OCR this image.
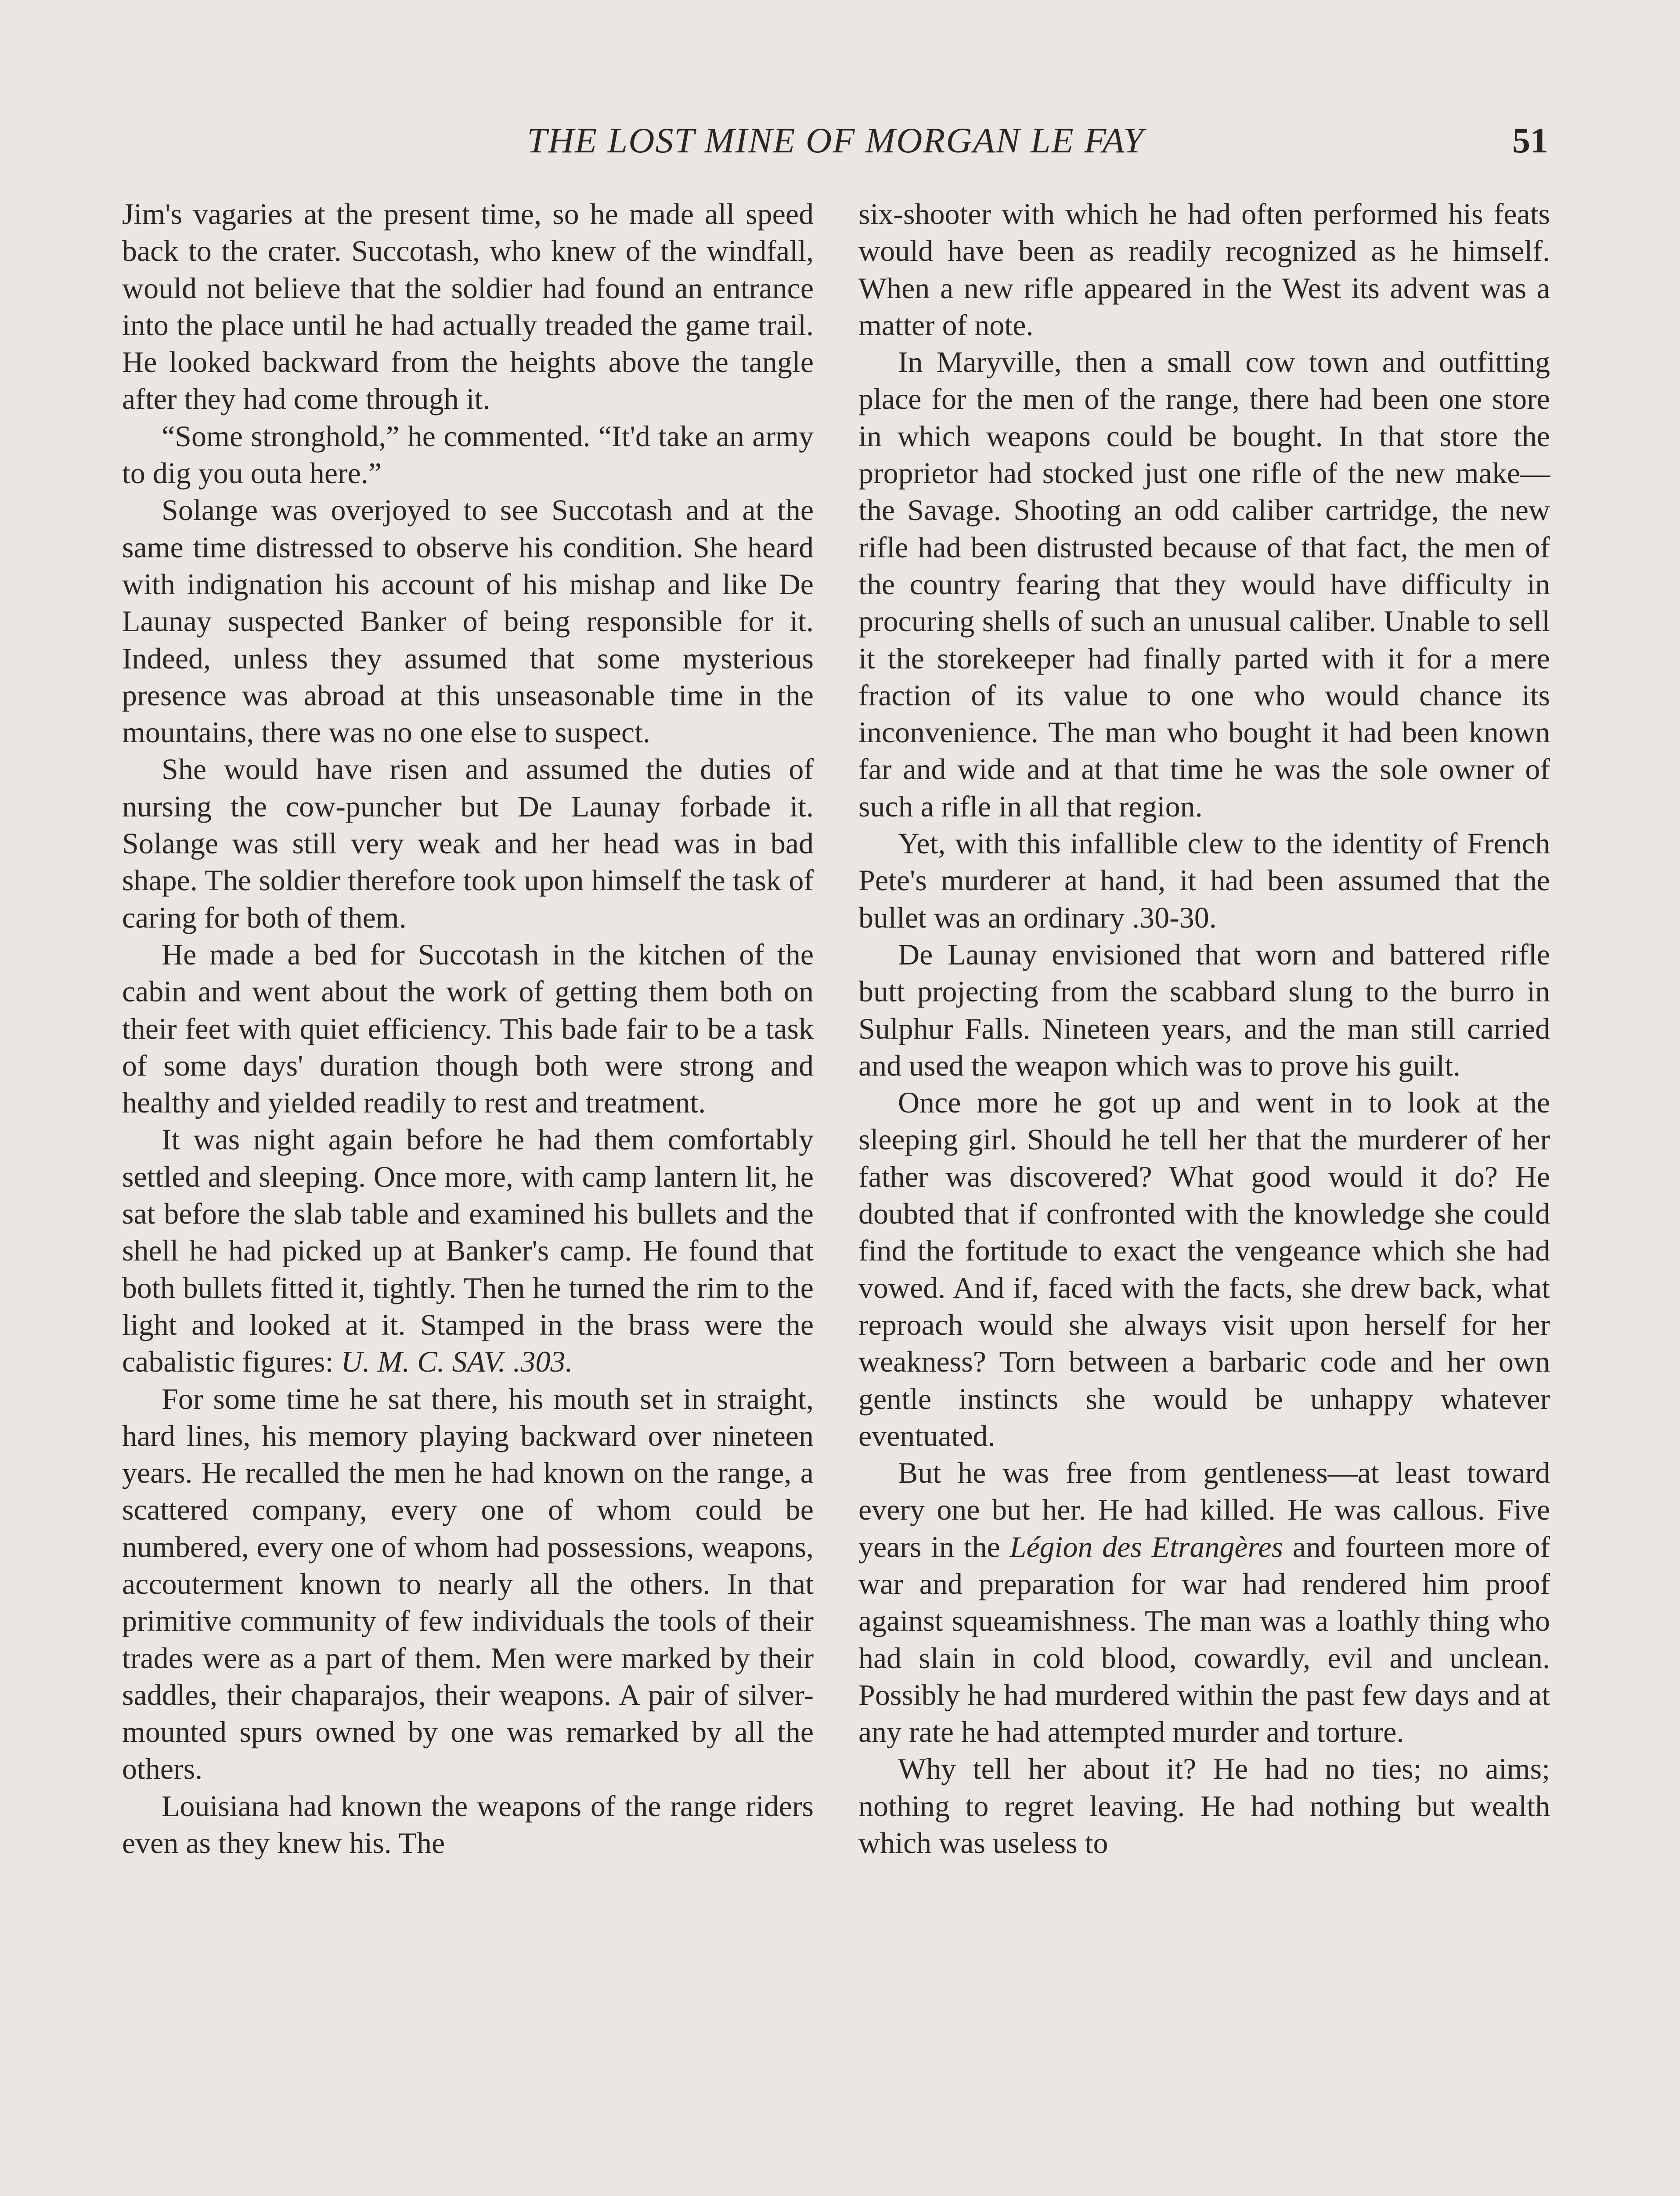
THE LOST MINE OF MORGAN LE FAY	51

Jim's vagaries at the present time, so he made all speed back to the crater. Succotash, who knew of the windfall, would not believe that the soldier had found an entrance into the place until he had actually treaded the game trail. He looked backward from the heights above the tangle after they had come through it.

“Some stronghold,” he commented. “It'd take an army to dig you outa here.”

Solange was overjoyed to see Succotash and at the same time distressed to observe his condition. She heard with indignation his account of his mishap and like De Launay suspected Banker of being responsible for it. Indeed, unless they assumed that some mysterious presence was abroad at this unseasonable time in the mountains, there was no one else to suspect.

She would have risen and assumed the duties of nursing the cow-puncher but De Launay forbade it. Solange was still very weak and her head was in bad shape. The soldier therefore took upon himself the task of caring for both of them.

He made a bed for Succotash in the kitchen of the cabin and went about the work of getting them both on their feet with quiet efficiency. This bade fair to be a task of some days' duration though both were strong and healthy and yielded readily to rest and treatment.

It was night again before he had them comfortably settled and sleeping. Once more, with camp lantern lit, he sat before the slab table and examined his bullets and the shell he had picked up at Banker's camp. He found that both bullets fitted it, tightly. Then he turned the rim to the light and looked at it. Stamped in the brass were the cabalistic figures: U. M. C. SAV. .303.

For some time he sat there, his mouth set in straight, hard lines, his memory playing backward over nineteen years. He recalled the men he had known on the range, a scattered company, every one of whom could be numbered, every one of whom had possessions, weapons, accouterment known to nearly all the others. In that primitive community of few individuals the tools of their trades were as a part of them. Men were marked by their saddles, their chaparajos, their weapons. A pair of silver-mounted spurs owned by one was remarked by all the others.

Louisiana had known the weapons of the range riders even as they knew his. The

six-shooter with which he had often performed his feats would have been as readily recognized as he himself. When a new rifle appeared in the West its advent was a matter of note.

In Maryville, then a small cow town and outfitting place for the men of the range, there had been one store in which weapons could be bought. In that store the proprietor had stocked just one rifle of the new make—the Savage. Shooting an odd caliber cartridge, the new rifle had been distrusted because of that fact, the men of the country fearing that they would have difficulty in procuring shells of such an unusual caliber. Unable to sell it the storekeeper had finally parted with it for a mere fraction of its value to one who would chance its inconvenience. The man who bought it had been known far and wide and at that time he was the sole owner of such a rifle in all that region.

Yet, with this infallible clew to the identity of French Pete's murderer at hand, it had been assumed that the bullet was an ordinary .30-30.

De Launay envisioned that worn and battered rifle butt projecting from the scabbard slung to the burro in Sulphur Falls. Nineteen years, and the man still carried and used the weapon which was to prove his guilt.

Once more he got up and went in to look at the sleeping girl. Should he tell her that the murderer of her father was discovered? What good would it do? He doubted that if confronted with the knowledge she could find the fortitude to exact the vengeance which she had vowed. And if, faced with the facts, she drew back, what reproach would she always visit upon herself for her weakness? Torn between a barbaric code and her own gentle instincts she would be unhappy whatever eventuated.

But he was free from gentleness—at least toward every one but her. He had killed. He was callous. Five years in the Légion des Etrangères and fourteen more of war and preparation for war had rendered him proof against squeamishness. The man was a loathly thing who had slain in cold blood, cowardly, evil and unclean. Possibly he had murdered within the past few days and at any rate he had attempted murder and torture.

Why tell her about it? He had no ties; no aims; nothing to regret leaving. He had nothing but wealth which was useless to
